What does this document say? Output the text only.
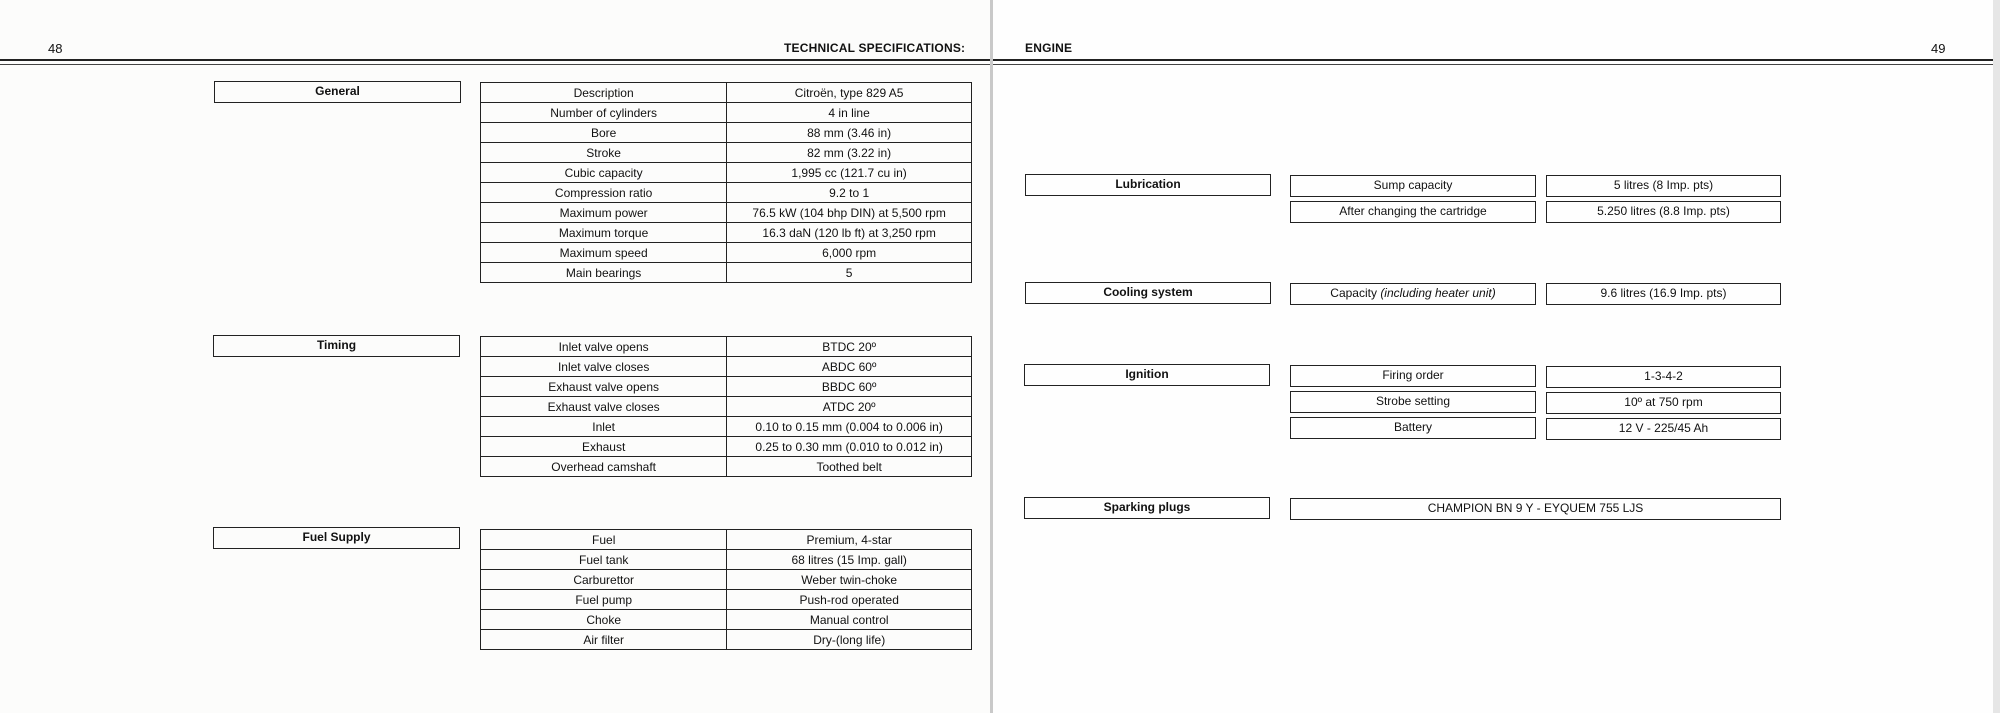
48	TECHNICAL SPECIFICATIONS:
General	Description	Citroën, type 829 A5
Number of cylinders	4 in line
Bore	88 mm (3.46 in)
Stroke	82 mm (3.22 in)
Cubic capacity	1,995 cc (121.7 cu in)
Compression ratio	9.2 to 1
Maximum power	76.5 kW (104 bhp DIN) at 5,500 rpm
Maximum torque	16.3 daN (120 lb ft) at 3,250 rpm
Maximum speed	6,000 rpm
Main bearings	5
Timing	Inlet valve opens	BTDC 20º
Inlet valve closes	ABDC 60º
Exhaust valve opens	BBDC 60º
Exhaust valve closes	ATDC 20º
Inlet	0.10 to 0.15 mm (0.004 to 0.006 in)
Exhaust	0.25 to 0.30 mm (0.010 to 0.012 in)
Overhead camshaft	Toothed belt
Fuel Supply	Fuel	Premium, 4-star
Fuel tank	68 litres (15 Imp. gall)
Carburettor	Weber twin-choke
Fuel pump	Push-rod operated
Choke	Manual control
Air filter	Dry-(long life)
ENGINE	49
Lubrication	Sump capacity	5 litres (8 Imp. pts)
After changing the cartridge	5.250 litres (8.8 Imp. pts)
Cooling system	Capacity (including heater unit)	9.6 litres (16.9 Imp. pts)
Ignition	Firing order	1-3-4-2
Strobe setting	10º at 750 rpm
Battery	12 V - 225/45 Ah
Sparking plugs	CHAMPION BN 9 Y - EYQUEM 755 LJS
